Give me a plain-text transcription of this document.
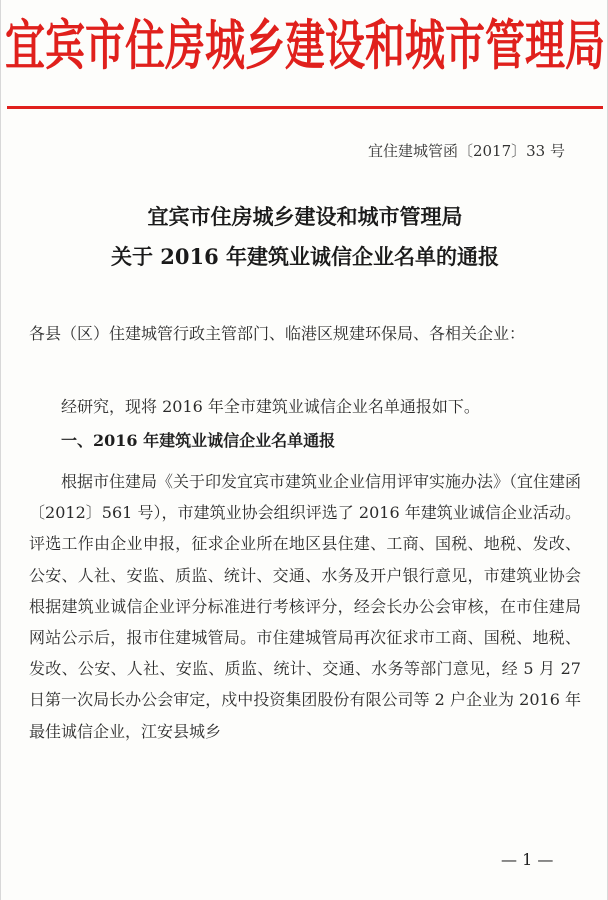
宜宾市住房城乡建设和城市管理局
宜住建城管函〔2017〕33 号
宜宾市住房城乡建设和城市管理局
关于 2016 年建筑业诚信企业名单的通报
各县（区）住建城管行政主管部门、临港区规建环保局、各相关企业：
经研究，现将 2016 年全市建筑业诚信企业名单通报如下。
一、2016 年建筑业诚信企业名单通报
根据市住建局《关于印发宜宾市建筑业企业信用评审实施办法》（宜住建函〔2012〕561 号），市建筑业协会组织评选了 2016 年建筑业诚信企业活动。评选工作由企业申报，征求企业所在地区县住建、工商、国税、地税、发改、公安、人社、安监、质监、统计、交通、水务及开户银行意见，市建筑业协会根据建筑业诚信企业评分标准进行考核评分，经会长办公会审核，在市住建局网站公示后，报市住建城管局。市住建城管局再次征求市工商、国税、地税、发改、公安、人社、安监、质监、统计、交通、水务等部门意见，经 5 月 27 日第一次局长办公会审定，戍中投资集团股份有限公司等 2 户企业为 2016 年最佳诚信企业，江安县城乡
— 1 —
